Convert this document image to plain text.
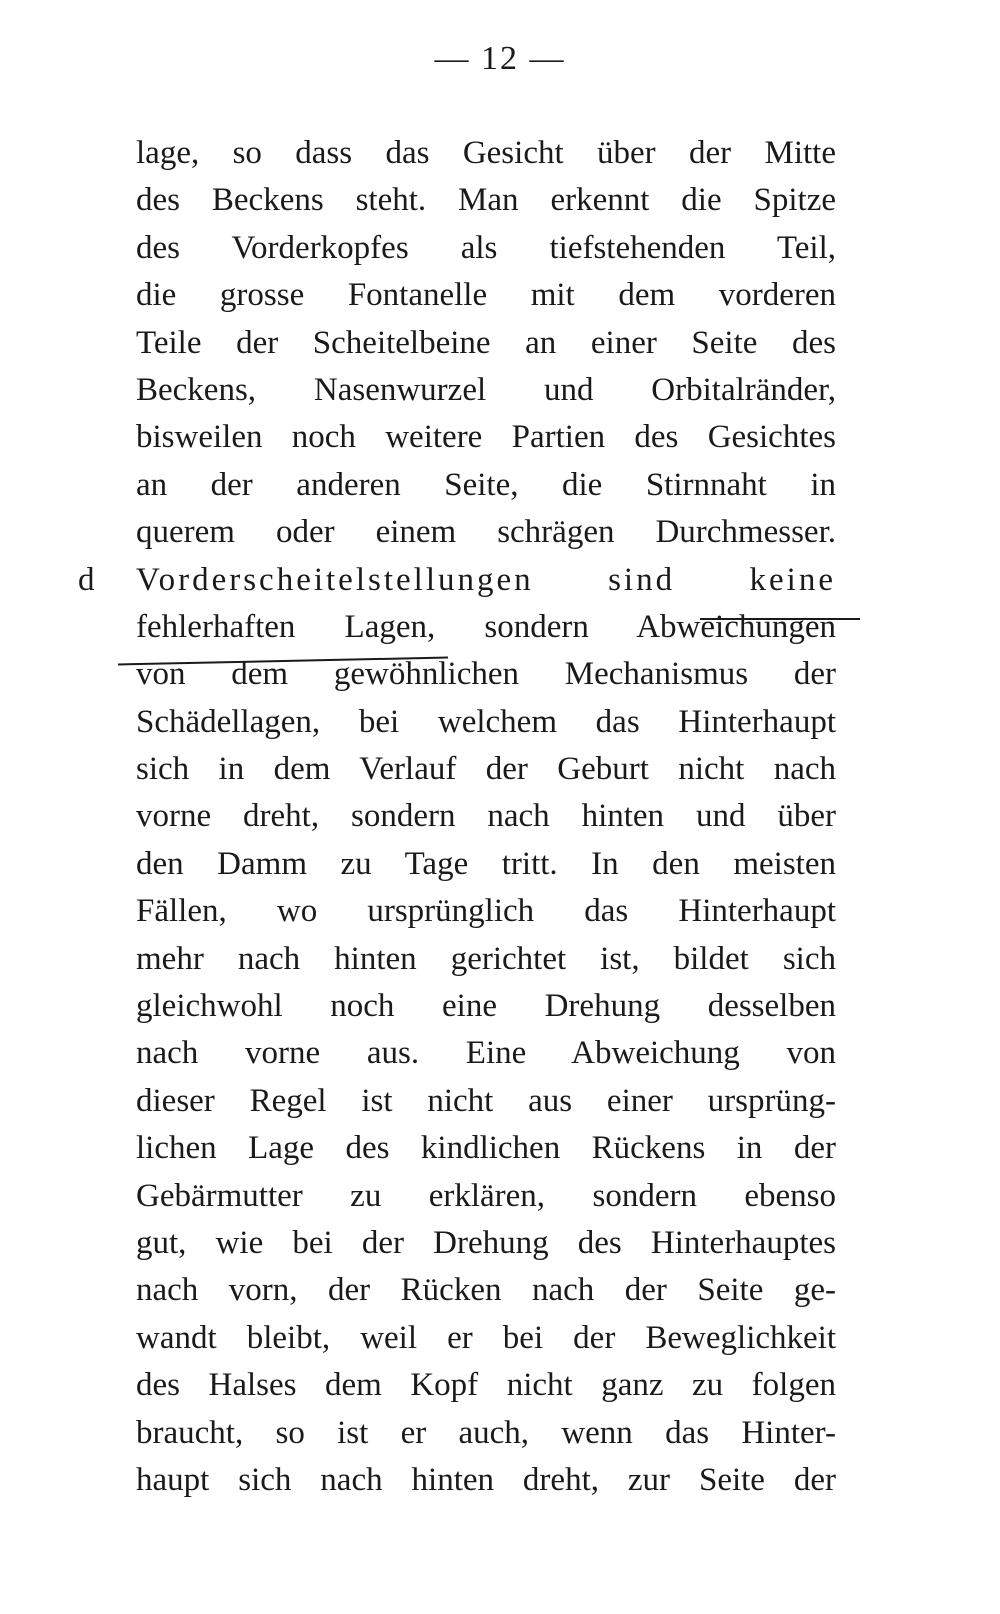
— 12 —
lage, so dass das Gesicht über der Mitte
des Beckens steht. Man erkennt die Spitze
des Vorderkopfes als tiefstehenden Teil,
die grosse Fontanelle mit dem vorderen
Teile der Scheitelbeine an einer Seite des
Beckens, Nasenwurzel und Orbitalränder,
bisweilen noch weitere Partien des Gesichtes
an der anderen Seite, die Stirnnaht in
querem oder einem schrägen Durchmesser.
d Vorderscheitelstellungen sind keine
fehlerhaften Lagen, sondern Abweichungen
von dem gewöhnlichen Mechanismus der
Schädellagen, bei welchem das Hinterhaupt
sich in dem Verlauf der Geburt nicht nach
vorne dreht, sondern nach hinten und über
den Damm zu Tage tritt. In den meisten
Fällen, wo ursprünglich das Hinterhaupt
mehr nach hinten gerichtet ist, bildet sich
gleichwohl noch eine Drehung desselben
nach vorne aus. Eine Abweichung von
dieser Regel ist nicht aus einer ursprüng-
lichen Lage des kindlichen Rückens in der
Gebärmutter zu erklären, sondern ebenso
gut, wie bei der Drehung des Hinterhauptes
nach vorn, der Rücken nach der Seite ge-
wandt bleibt, weil er bei der Beweglichkeit
des Halses dem Kopf nicht ganz zu folgen
braucht, so ist er auch, wenn das Hinter-
haupt sich nach hinten dreht, zur Seite der
